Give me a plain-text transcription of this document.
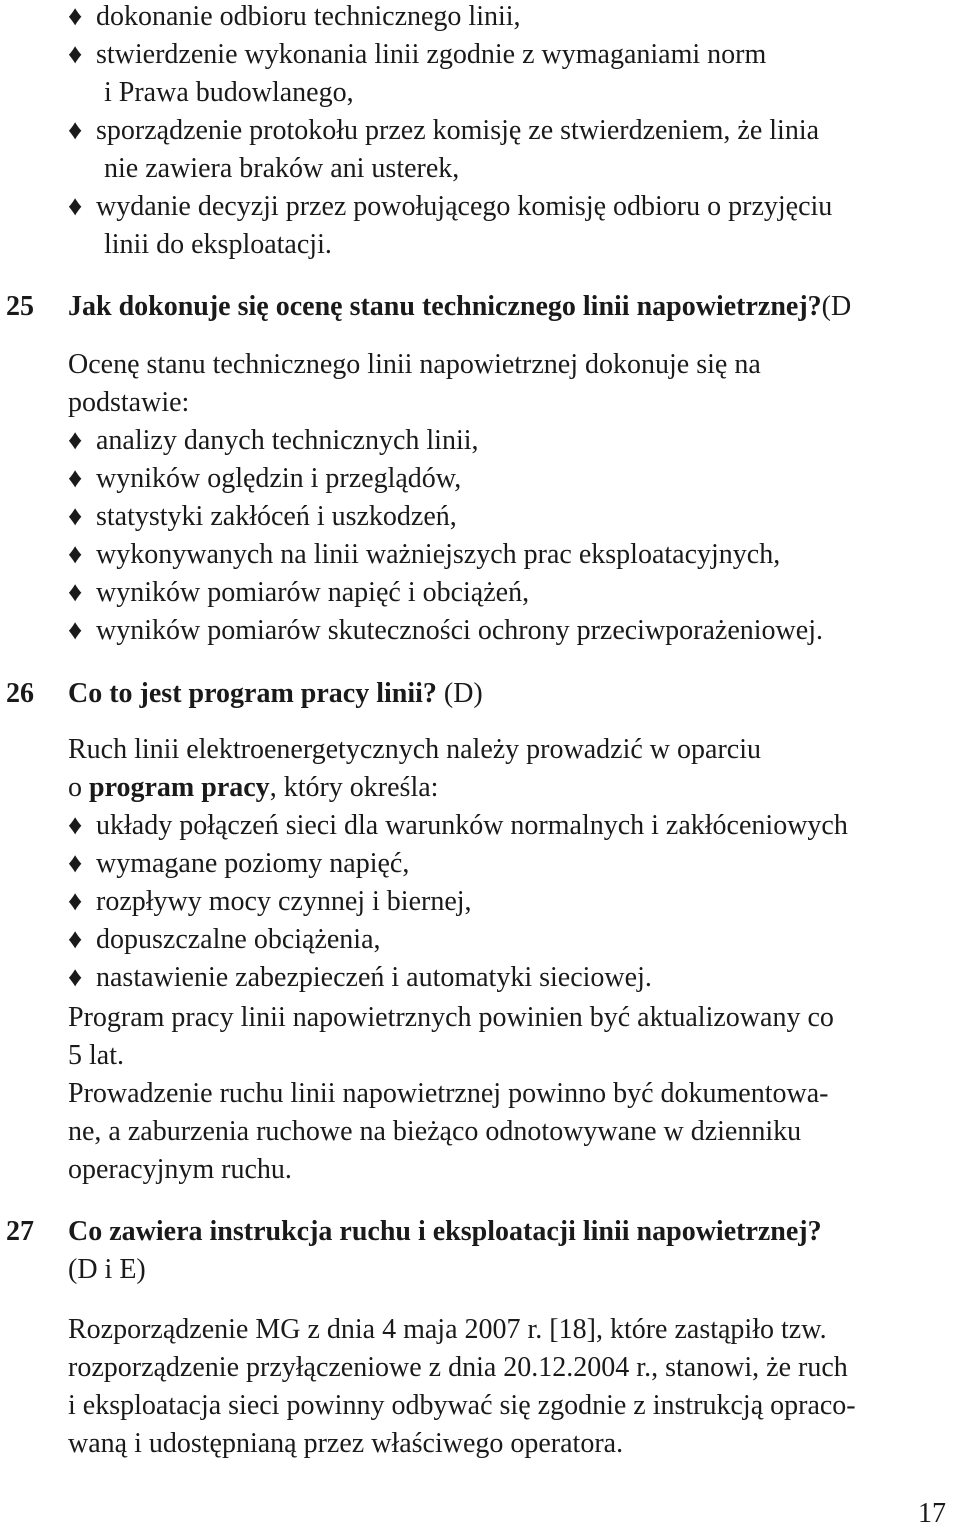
♦ dokonanie odbioru technicznego linii,
♦ stwierdzenie wykonania linii zgodnie z wymaganiami norm
i Prawa budowlanego,
♦ sporządzenie protokołu przez komisję ze stwierdzeniem, że linia
nie zawiera braków ani usterek,
♦ wydanie decyzji przez powołującego komisję odbioru o przyjęciu
linii do eksploatacji.
25 Jak dokonuje się ocenę stanu technicznego linii napowietrznej?(D
Ocenę stanu technicznego linii napowietrznej dokonuje się na
podstawie:
♦ analizy danych technicznych linii,
♦ wyników oględzin i przeglądów,
♦ statystyki zakłóceń i uszkodzeń,
♦ wykonywanych na linii ważniejszych prac eksploatacyjnych,
♦ wyników pomiarów napięć i obciążeń,
♦ wyników pomiarów skuteczności ochrony przeciwporażeniowej.
26 Co to jest program pracy linii? (D)
Ruch linii elektroenergetycznych należy prowadzić w oparciu
o program pracy, który określa:
♦ układy połączeń sieci dla warunków normalnych i zakłóceniowych
♦ wymagane poziomy napięć,
♦ rozpływy mocy czynnej i biernej,
♦ dopuszczalne obciążenia,
♦ nastawienie zabezpieczeń i automatyki sieciowej.
Program pracy linii napowietrznych powinien być aktualizowany co
5 lat.
Prowadzenie ruchu linii napowietrznej powinno być dokumentowa-
ne, a zaburzenia ruchowe na bieżąco odnotowywane w dzienniku
operacyjnym ruchu.
27 Co zawiera instrukcja ruchu i eksploatacji linii napowietrznej?
(D i E)
Rozporządzenie MG z dnia 4 maja 2007 r. [18], które zastąpiło tzw.
rozporządzenie przyłączeniowe z dnia 20.12.2004 r., stanowi, że ruch
i eksploatacja sieci powinny odbywać się zgodnie z instrukcją opraco-
waną i udostępnianą przez właściwego operatora.
17
